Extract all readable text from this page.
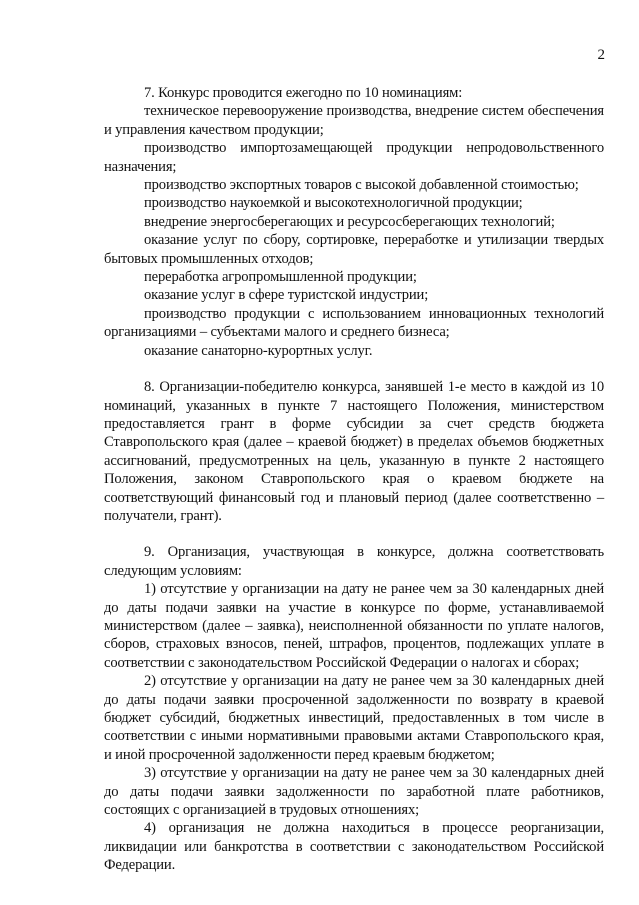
2

7. Конкурс проводится ежегодно по 10 номинациям:

техническое перевооружение производства, внедрение систем обеспечения и управления качеством продукции;

производство импортозамещающей продукции непродовольственного назначения;

производство экспортных товаров с высокой добавленной стоимостью;

производство наукоемкой и высокотехнологичной продукции;

внедрение энергосберегающих и ресурсосберегающих технологий;

оказание услуг по сбору, сортировке, переработке и утилизации твердых бытовых промышленных отходов;

переработка агропромышленной продукции;

оказание услуг в сфере туристской индустрии;

производство продукции с использованием инновационных технологий организациями – субъектами малого и среднего бизнеса;

оказание санаторно-курортных услуг.

8. Организации-победителю конкурса, занявшей 1-е место в каждой из 10 номинаций, указанных в пункте 7 настоящего Положения, министерством предоставляется грант в форме субсидии за счет средств бюджета Ставропольского края (далее – краевой бюджет) в пределах объемов бюджетных ассигнований, предусмотренных на цель, указанную в пункте 2 настоящего Положения, законом Ставропольского края о краевом бюджете на соответствующий финансовый год и плановый период (далее соответственно – получатели, грант).

9. Организация, участвующая в конкурсе, должна соответствовать следующим условиям:

1) отсутствие у организации на дату не ранее чем за 30 календарных дней до даты подачи заявки на участие в конкурсе по форме, устанавливаемой министерством (далее – заявка), неисполненной обязанности по уплате налогов, сборов, страховых взносов, пеней, штрафов, процентов, подлежащих уплате в соответствии с законодательством Российской Федерации о налогах и сборах;

2) отсутствие у организации на дату не ранее чем за 30 календарных дней до даты подачи заявки просроченной задолженности по возврату в краевой бюджет субсидий, бюджетных инвестиций, предоставленных в том числе в соответствии с иными нормативными правовыми актами Ставропольского края, и иной просроченной задолженности перед краевым бюджетом;

3) отсутствие у организации на дату не ранее чем за 30 календарных дней до даты подачи заявки задолженности по заработной плате работников, состоящих с организацией в трудовых отношениях;

4) организация не должна находиться в процессе реорганизации, ликвидации или банкротства в соответствии с законодательством Российской Федерации.
